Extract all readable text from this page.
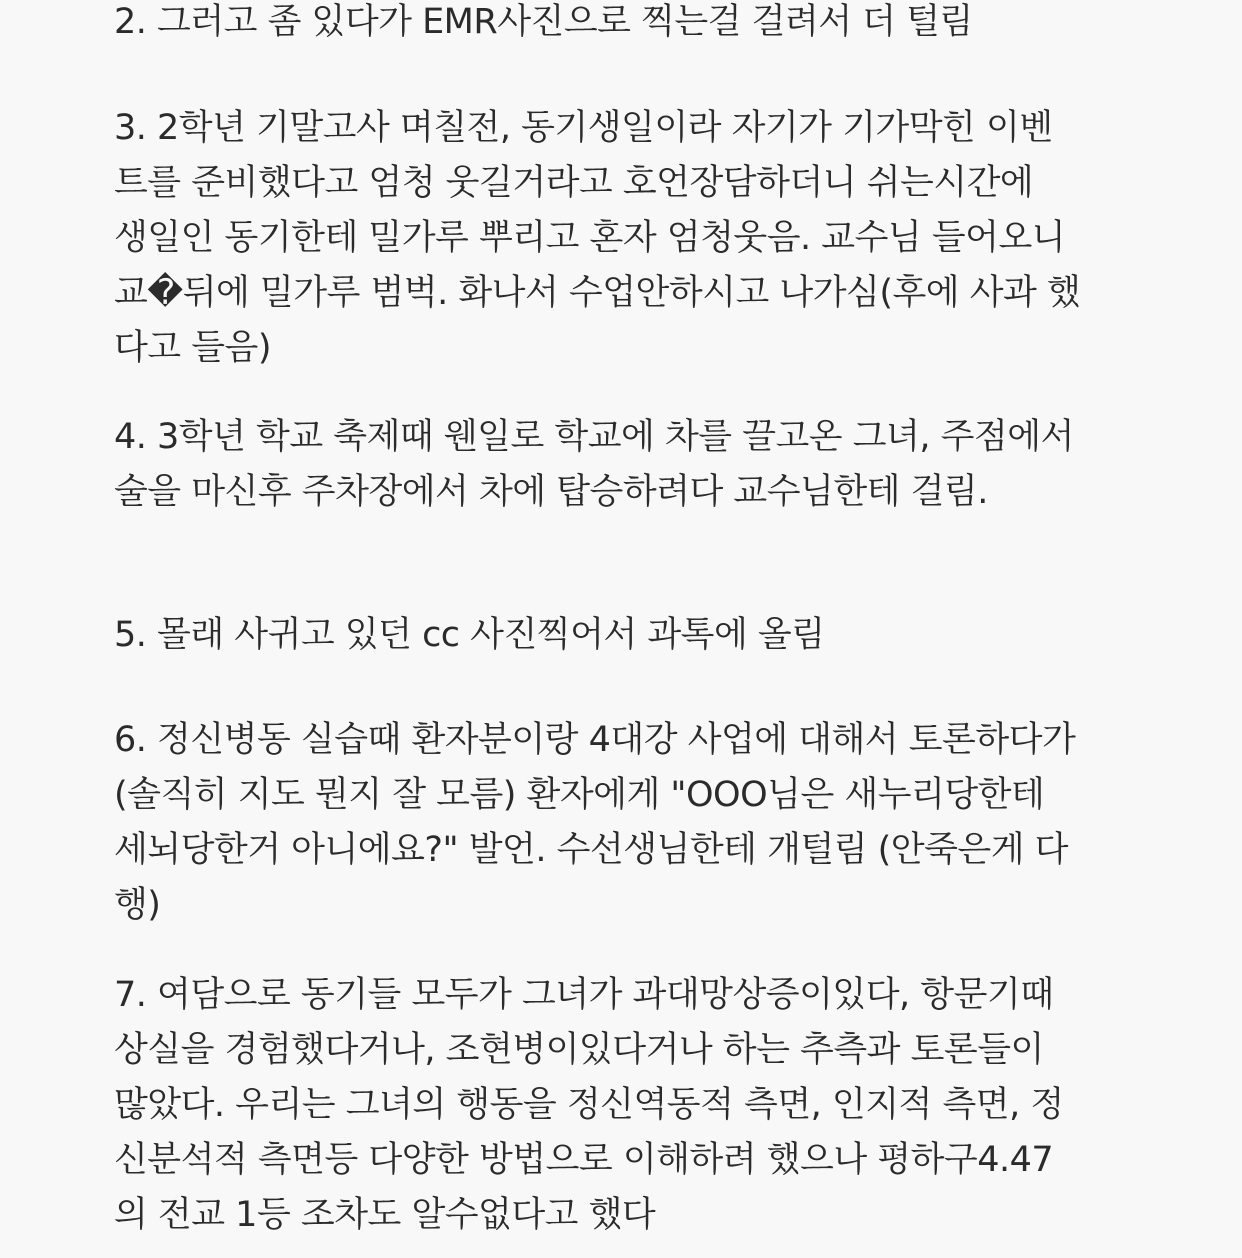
2. 그러고 좀 있다가 EMR사진으로 찍는걸 걸려서 더 털림
3. 2학년 기말고사 며칠전, 동기생일이라 자기가 기가막힌 이벤
트를 준비했다고 엄청 웃길거라고 호언장담하더니 쉬는시간에
생일인 동기한테 밀가루 뿌리고 혼자 엄청웃음. 교수님 들어오니
교�뒤에 밀가루 범벅. 화나서 수업안하시고 나가심(후에 사과 했
다고 들음)
4. 3학년 학교 축제때 웬일로 학교에 차를 끌고온 그녀, 주점에서
술을 마신후 주차장에서 차에 탑승하려다 교수님한테 걸림.
5. 몰래 사귀고 있던 cc 사진찍어서 과톡에 올림
6. 정신병동 실습때 환자분이랑 4대강 사업에 대해서 토론하다가
(솔직히 지도 뭔지 잘 모름) 환자에게 "OOO님은 새누리당한테
세뇌당한거 아니에요?" 발언. 수선생님한테 개털림 (안죽은게 다
행)
7. 여담으로 동기들 모두가 그녀가 과대망상증이있다, 항문기때
상실을 경험했다거나, 조현병이있다거나 하는 추측과 토론들이
많았다. 우리는 그녀의 행동을 정신역동적 측면, 인지적 측면, 정
신분석적 측면등 다양한 방법으로 이해하려 했으나 평하구4.47
의 전교 1등 조차도 알수없다고 했다
